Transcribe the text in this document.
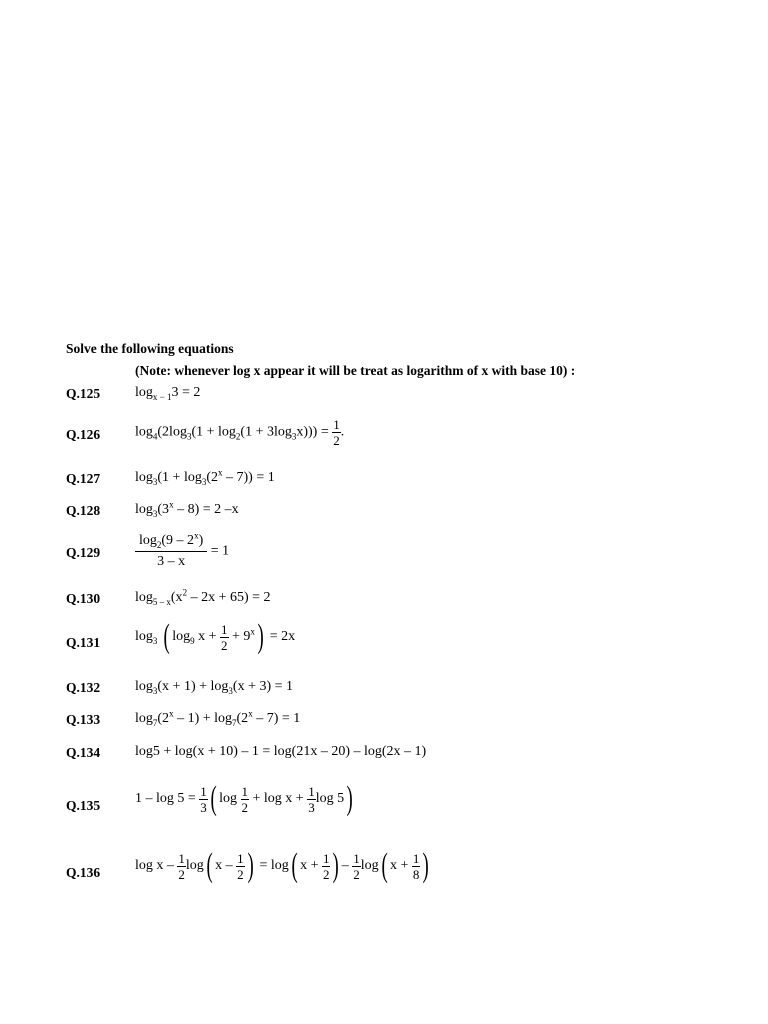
Solve the following equations
(Note: whenever log x appear it will be treat as logarithm of x with base 10) :
Q.125 $\log_{x - 1}3 = 2$
Q.126 $\log_4(2\log_3(1 + \log_2(1 + 3\log_3x))) = \frac{1}{2}$ .
Q.127 $\log_3(1 + \log_3(2^x - 7)) = 1$
Q.128 $\log_3(3^x - 8) = 2$ –x
$Q.129 \frac{\log_2(9 - 2^x)}{3 - x} = 1$
Q.130 $\log_{5 - x}(x^2 - 2x + 65) = 2$
Q.131 $\log_3$ ( $\log_9 x + \frac{1}{2} + 9^x) = 2x$
Q.132 $\log_3(x + 1) + \log_3(x + 3) = 1$
Q.133 $\log_7(2^x - 1) + \log_7(2^x - 7) = 1$
Q.134 log5 + log(x + 10) – 1 = log(21x – 20) – log(2x – 1)
Q.135 $1 - \log 5 = \frac{1}{3}$ ( $\log \frac{1}{2} + \log x + \frac{1}{3}$ log 5)
Q.136 log x – $\frac{1}{2} \log$( x – $\frac{1}{2}$ ) = log( $x + \frac{1}{2}$ ) – $\frac{1}{2} \log$( $x + \frac{1}{8}$ )
